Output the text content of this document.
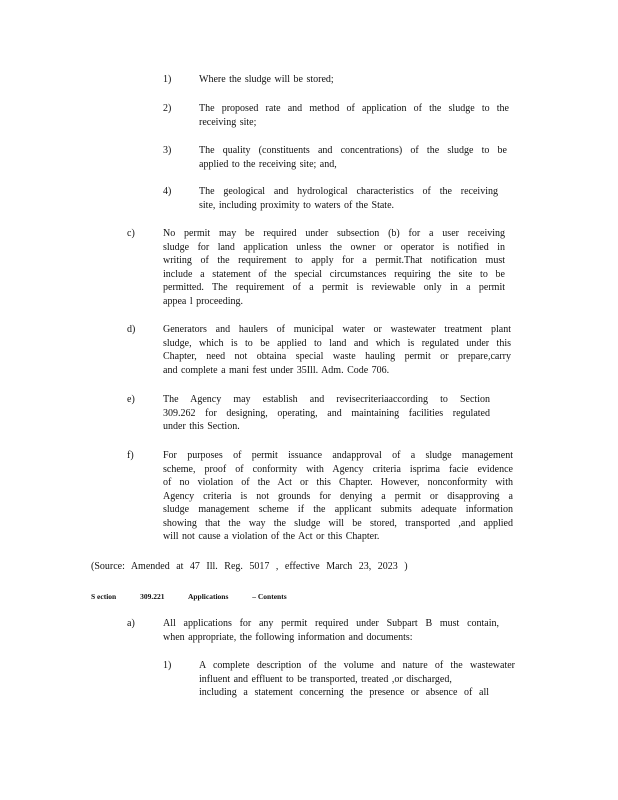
1)	Where the sludge will be stored;
2)	The proposed rate and method of application of the sludge to the
receiving site;
3)	The quality (constituents and concentrations) of the sludge to be
applied to the receiving site; and,
4)	The geological and hydrological characteristics of the receiving
site, including proximity to waters of the State.
c)	No permit may be required under subsection (b) for a user receiving
sludge for land application unless the owner or operator is notified in
writing of the requirement to apply for a permit.That notification must
include a statement of the special circumstances requiring the site to be
permitted. The requirement of a permit is reviewable only in a permit
appea l proceeding.
d)	Generators and haulers of municipal water or wastewater treatment plant
sludge, which is to be applied to land and which is regulated under this
Chapter, need not obtaina special waste hauling permit or prepare,carry
and complete a mani fest under 35Ill. Adm. Code 706.
e)	The Agency may establish and revisecriteriaaccording to Section
309.262 for designing, operating, and maintaining facilities regulated
under this Section.
f)	For purposes of permit issuance andapproval of a sludge management
scheme, proof of conformity with Agency criteria isprima facie evidence
of no violation of the Act or this Chapter. However, nonconformity with
Agency criteria is not grounds for denying a permit or disapproving a
sludge management scheme if the applicant submits adequate information
showing that the way the sludge will be stored, transported ,and applied
will not cause a violation of the Act or this Chapter.
(Source: Amended at 47 Ill. Reg. 5017 , effective March 23, 2023 )
S ection	309.221	Applications	– Contents
a)	All applications for any permit required under Subpart B must contain,
when appropriate, the following information and documents:
1)	A complete description of the volume and nature of the wastewater
influent and effluent to be transported, treated ,or discharged,
including a statement concerning the presence or absence of all
